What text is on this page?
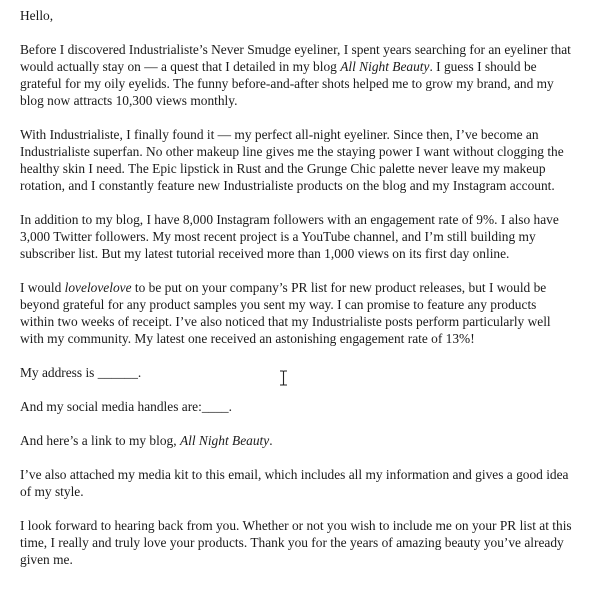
Hello,

Before I discovered Industrialiste’s Never Smudge eyeliner, I spent years searching for an eyeliner that would actually stay on — a quest that I detailed in my blog All Night Beauty. I guess I should be grateful for my oily eyelids. The funny before-and-after shots helped me to grow my brand, and my blog now attracts 10,300 views monthly.

With Industrialiste, I finally found it — my perfect all-night eyeliner. Since then, I’ve become an Industrialiste superfan. No other makeup line gives me the staying power I want without clogging the healthy skin I need. The Epic lipstick in Rust and the Grunge Chic palette never leave my makeup rotation, and I constantly feature new Industrialiste products on the blog and my Instagram account.

In addition to my blog, I have 8,000 Instagram followers with an engagement rate of 9%. I also have 3,000 Twitter followers. My most recent project is a YouTube channel, and I’m still building my subscriber list. But my latest tutorial received more than 1,000 views on its first day online.

I would lovelovelove to be put on your company’s PR list for new product releases, but I would be beyond grateful for any product samples you sent my way. I can promise to feature any products within two weeks of receipt. I’ve also noticed that my Industrialiste posts perform particularly well with my community. My latest one received an astonishing engagement rate of 13%!

My address is ______.

And my social media handles are:____.

And here’s a link to my blog, All Night Beauty.

I’ve also attached my media kit to this email, which includes all my information and gives a good idea of my style.

I look forward to hearing back from you. Whether or not you wish to include me on your PR list at this time, I really and truly love your products. Thank you for the years of amazing beauty you’ve already given me.
